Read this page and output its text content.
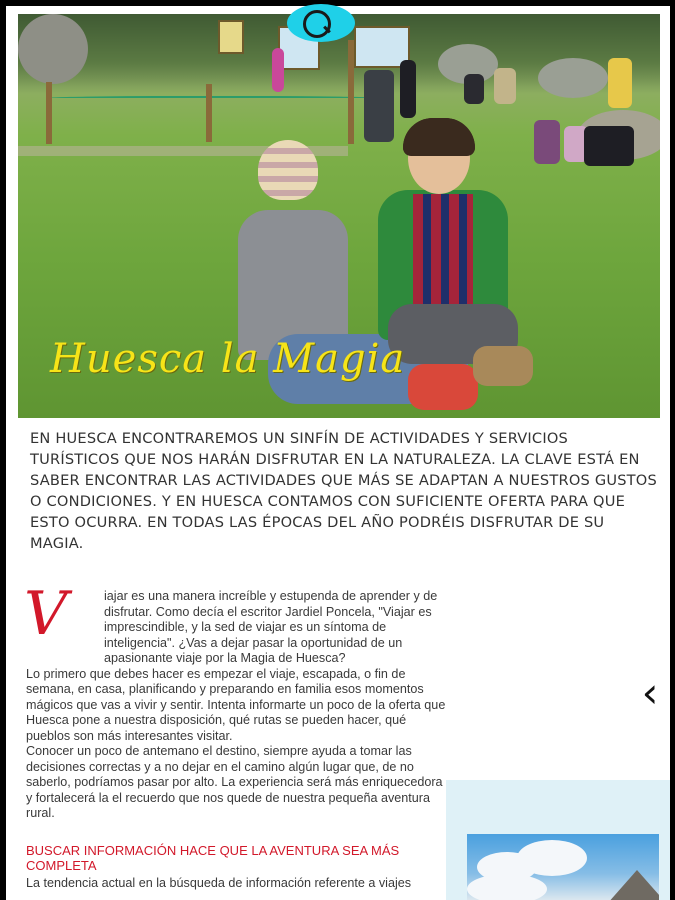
Huesca la Magia

EN HUESCA ENCONTRAREMOS UN SINFÍN DE ACTIVIDADES Y SERVICIOS TURÍSTICOS QUE NOS HARÁN DISFRUTAR EN LA NATURALEZA. LA CLAVE ESTÁ EN SABER ENCONTRAR LAS ACTIVIDADES QUE MÁS SE ADAPTAN A NUESTROS GUSTOS O CONDICIONES. Y EN HUESCA CONTAMOS CON SUFICIENTE OFERTA PARA QUE ESTO OCURRA. EN TODAS LAS ÉPOCAS DEL AÑO PODRÉIS DISFRUTAR DE SU MAGIA.

V	iajar es una manera increíble y estupenda de aprender y de disfrutar. Como decía el escritor Jardiel Poncela, "Viajar es imprescindible, y la sed de viajar es un síntoma de inteligencia". ¿Vas a dejar pasar la oportunidad de un apasionante viaje por la Magia de Huesca?
Lo primero que debes hacer es empezar el viaje, escapada, o fin de semana, en casa, planificando y preparando en familia esos momentos mágicos que vas a vivir y sentir. Intenta informarte un poco de la oferta que Huesca pone a nuestra disposición, qué rutas se pueden hacer, qué pueblos son más interesantes visitar.
Conocer un poco de antemano el destino, siempre ayuda a tomar las decisiones correctas y a no dejar en el camino algún lugar que, de no saberlo, podríamos pasar por alto. La experiencia será más enriquecedora y fortalecerá la el recuerdo que nos quede de nuestra pequeña aventura rural.

BUSCAR INFORMACIÓN HACE QUE LA AVENTURA SEA MÁS COMPLETA

La tendencia actual en la búsqueda de información referente a viajes

‹
